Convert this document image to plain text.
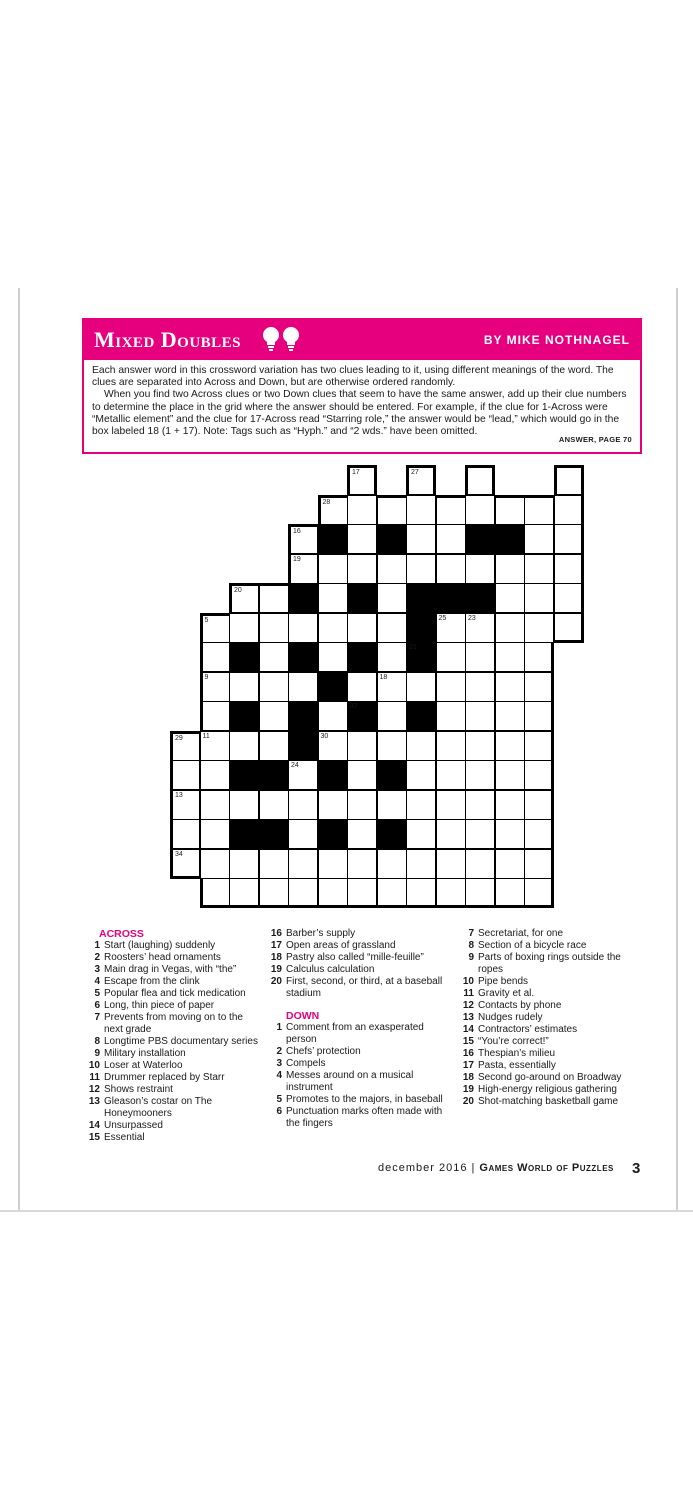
Mixed Doubles	BY MIKE NOTHNAGEL

Each answer word in this crossword variation has two clues leading to it, using different meanings of the word. The clues are separated into Across and Down, but are otherwise ordered randomly.

When you find two Across clues or two Down clues that seem to have the same answer, add up their clue numbers to determine the place in the grid where the answer should be entered. For example, if the clue for 1-Across were “Metallic element” and the clue for 17-Across read “Starring role,” the answer would be “lead,” which would go in the box labeled 18 (1 + 17). Note: Tags such as “Hyph.” and “2 wds.” have been omitted.

ANSWER, PAGE 70
17	27
28
16
19
20
5	25	23
21
9	18
37
29	11	30
24
13
34
ACROSS
1 Start (laughing) suddenly
2 Roosters’ head ornaments
3 Main drag in Vegas, with “the”
4 Escape from the clink
5 Popular flea and tick medication
6 Long, thin piece of paper
7 Prevents from moving on to the next grade
8 Longtime PBS documentary series
9 Military installation
10 Loser at Waterloo
11 Drummer replaced by Starr
12 Shows restraint
13 Gleason’s costar on The Honeymooners
14 Unsurpassed
15 Essential
16 Barber’s supply
17 Open areas of grassland
18 Pastry also called “mille-feuille”
19 Calculus calculation
20 First, second, or third, at a baseball stadium
DOWN
1 Comment from an exasperated person
2 Chefs’ protection
3 Compels
4 Messes around on a musical instrument
5 Promotes to the majors, in baseball
6 Punctuation marks often made with the fingers
7 Secretariat, for one
8 Section of a bicycle race
9 Parts of boxing rings outside the ropes
10 Pipe bends
11 Gravity et al.
12 Contacts by phone
13 Nudges rudely
14 Contractors’ estimates
15 “You’re correct!”
16 Thespian’s milieu
17 Pasta, essentially
18 Second go-around on Broadway
19 High-energy religious gathering
20 Shot-matching basketball game
december 2016 | Games World of Puzzles 3
